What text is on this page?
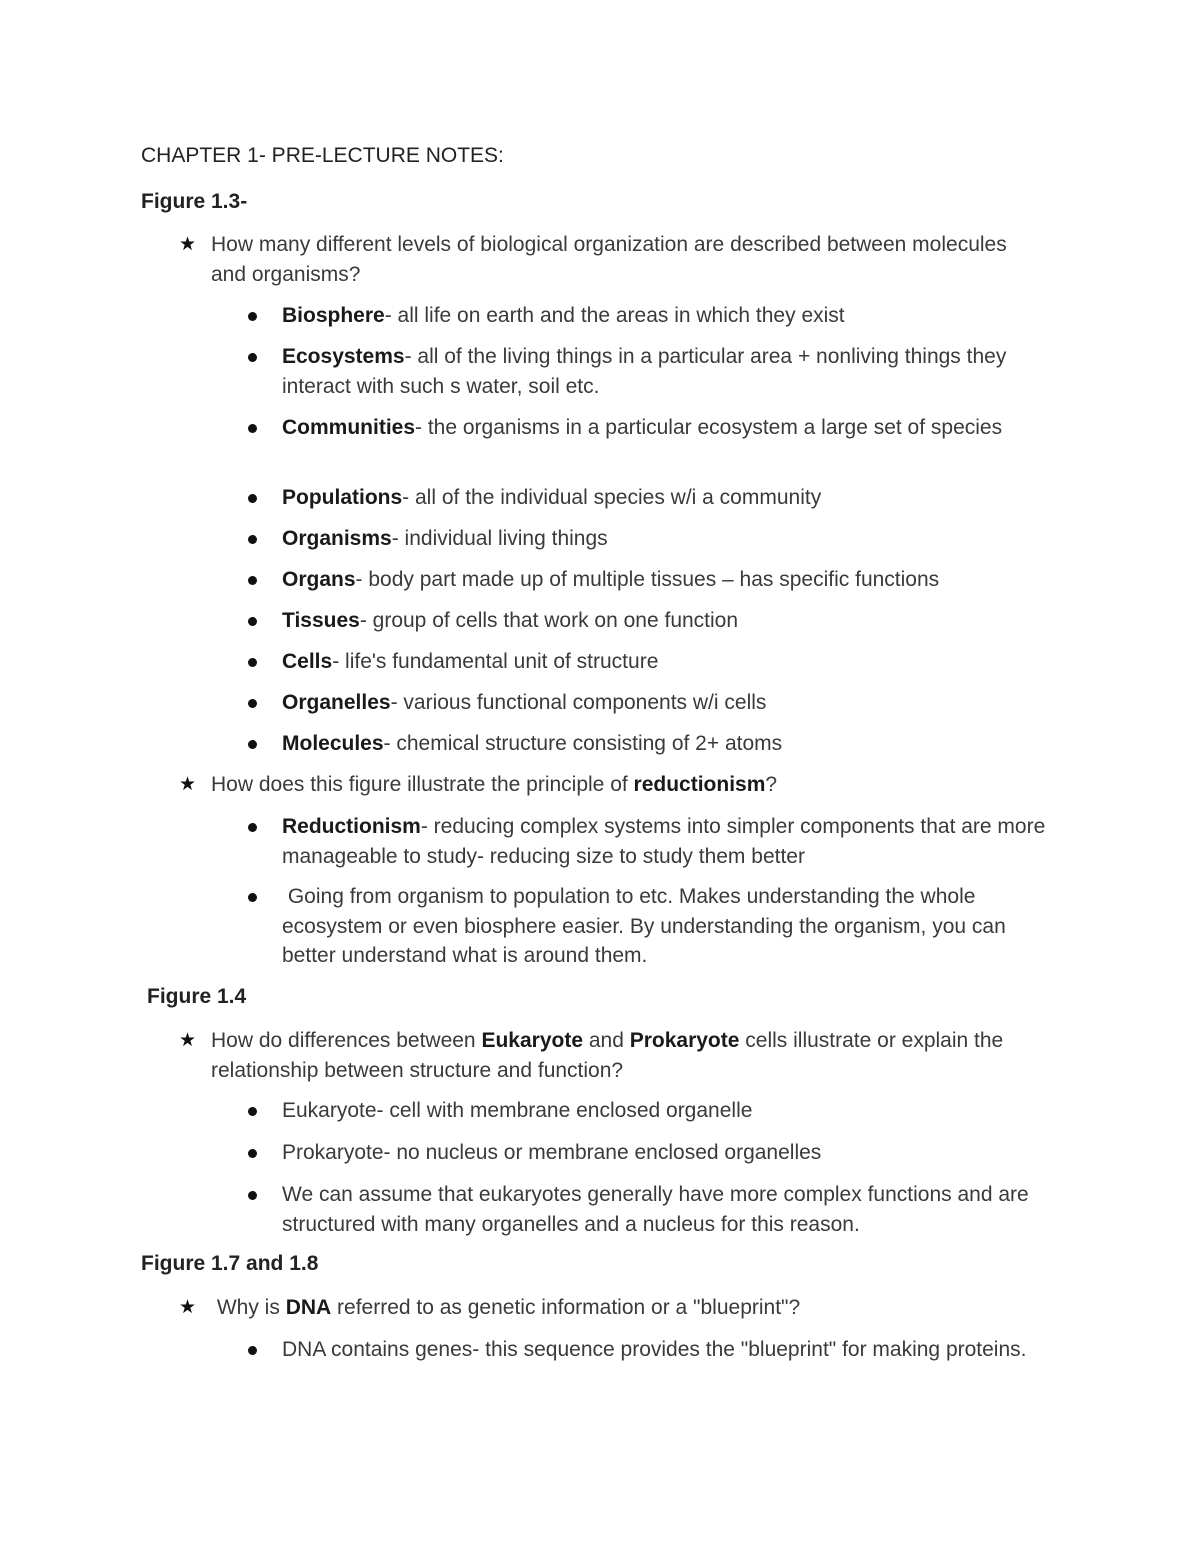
CHAPTER 1- PRE-LECTURE NOTES:
Figure 1.3-
★ How many different levels of biological organization are described between molecules and organisms?
Biosphere- all life on earth and the areas in which they exist
Ecosystems- all of the living things in a particular area + nonliving things they interact with such s water, soil etc.
Communities- the organisms in a particular ecosystem a large set of species
Populations- all of the individual species w/i a community
Organisms- individual living things
Organs- body part made up of multiple tissues – has specific functions
Tissues- group of cells that work on one function
Cells- life's fundamental unit of structure
Organelles- various functional components w/i cells
Molecules- chemical structure consisting of 2+ atoms
★ How does this figure illustrate the principle of reductionism?
Reductionism- reducing complex systems into simpler components that are more manageable to study- reducing size to study them better
Going from organism to population to etc. Makes understanding the whole ecosystem or even biosphere easier. By understanding the organism, you can better understand what is around them.
Figure 1.4
★ How do differences between Eukaryote and Prokaryote cells illustrate or explain the relationship between structure and function?
Eukaryote- cell with membrane enclosed organelle
Prokaryote- no nucleus or membrane enclosed organelles
We can assume that eukaryotes generally have more complex functions and are structured with many organelles and a nucleus for this reason.
Figure 1.7 and 1.8
★ Why is DNA referred to as genetic information or a "blueprint"?
DNA contains genes- this sequence provides the "blueprint" for making proteins.
